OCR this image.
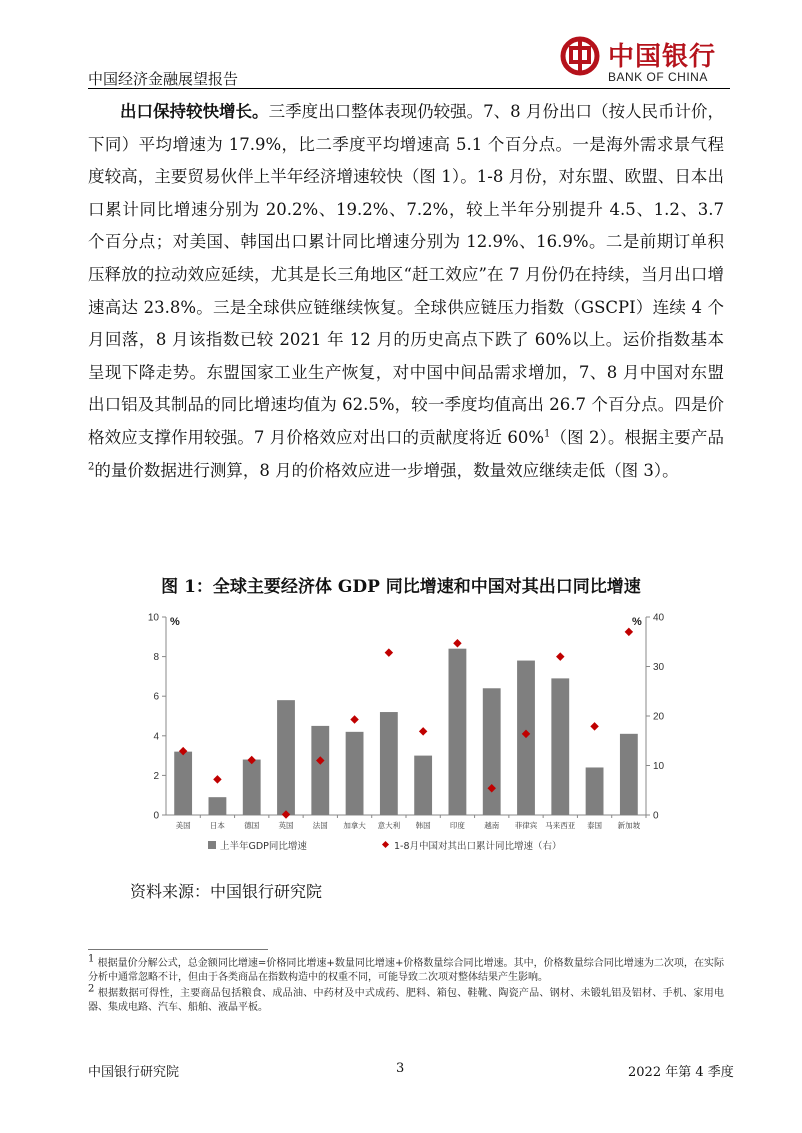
中国经济金融展望报告
中国银行
BANK OF CHINA
出口保持较快增长。三季度出口整体表现仍较强。7、8 月份出口（按人民币计价，下同）平均增速为 17.9%，比二季度平均增速高 5.1 个百分点。一是海外需求景气程度较高，主要贸易伙伴上半年经济增速较快（图 1）。1-8 月份，对东盟、欧盟、日本出口累计同比增速分别为 20.2%、19.2%、7.2%，较上半年分别提升 4.5、1.2、3.7 个百分点；对美国、韩国出口累计同比增速分别为 12.9%、16.9%。二是前期订单积压释放的拉动效应延续，尤其是长三角地区“赶工效应”在 7 月份仍在持续，当月出口增速高达 23.8%。三是全球供应链继续恢复。全球供应链压力指数（GSCPI）连续 4 个月回落，8 月该指数已较 2021 年 12 月的历史高点下跌了 60%以上。运价指数基本呈现下降走势。东盟国家工业生产恢复，对中国中间品需求增加，7、8 月中国对东盟出口铝及其制品的同比增速均值为 62.5%，较一季度均值高出 26.7 个百分点。四是价格效应支撑作用较强。7 月价格效应对出口的贡献度将近 60%$^1$（图 2）。根据主要产品$^2$的量价数据进行测算，8 月的价格效应进一步增强，数量效应继续走低（图 3）。
图 1：全球主要经济体 GDP 同比增速和中国对其出口同比增速
0
2
4
6
8
10
0
10
20
30
40
%	%
美国	日本	德国	英国	法国 加拿大 意大利 韩国	印度	越南 菲律宾 马来西亚 泰国 新加坡
上半年GDP同比增速	1-8月中国对其出口累计同比增速（右）
资料来源：中国银行研究院

$^1$ 根据量价分解公式，总金额同比增速=价格同比增速+数量同比增速+价格数量综合同比增速。其中，价格数量综合同比增速为二次项，在实际分析中通常忽略不计，但由于各类商品在指数构造中的权重不同，可能导致二次项对整体结果产生影响。

$^2$ 根据数据可得性，主要商品包括粮食、成品油、中药材及中式成药、肥料、箱包、鞋靴、陶瓷产品、钢材、未锻轧铝及铝材、手机、家用电器、集成电路、汽车、船舶、液晶平板。

中国银行研究院	3	2022 年第 4 季度
